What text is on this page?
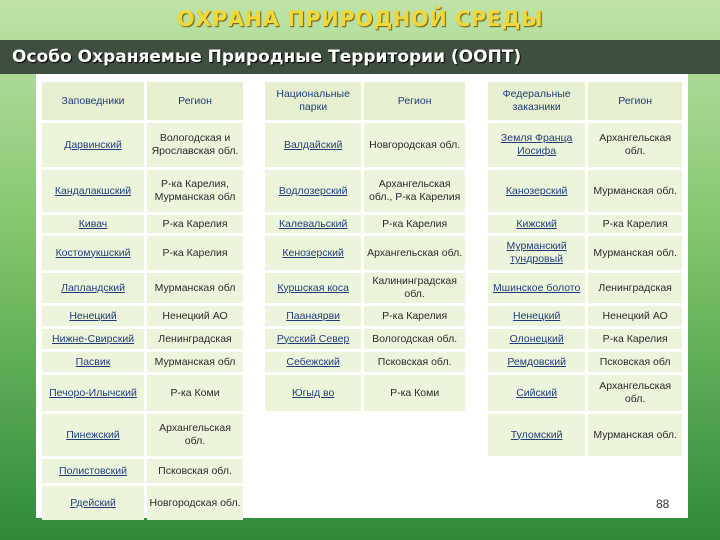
ОХРАНА ПРИРОДНОЙ СРЕДЫ
Особо Охраняемые Природные Территории (ООПТ)
Заповедники	Регион
Дарвинский	Вологодская и Ярославская обл.
Кандалакшский	Р-ка Карелия, Мурманская обл
Кивач	Р-ка Карелия
Костомукшский	Р-ка Карелия
Лапландский	Мурманская обл
Ненецкий	Ненецкий АО
Нижне-Свирский	Ленинградская
Пасвик	Мурманская обл
Печоро-Илычский	Р-ка Коми
Пинежский	Архангельская обл.
Полистовский	Псковская обл.
Рдейский	Новгородская обл.
Национальные парки	Регион
Валдайский	Новгородская обл.
Водлозерский	Архангельская обл., Р-ка Карелия
Калевальский	Р-ка Карелия
Кенозерский	Архангельская обл.
Куршская коса	Калининградская обл.
Паанаярви	Р-ка Карелия
Русский Север	Вологодская обл.
Себежский	Псковская обл.
Югыд во	Р-ка Коми
Федеральные заказники	Регион
Земля Франца Иосифа	Архангельская обл.
Канозерский	Мурманская обл.
Кижский	Р-ка Карелия
Мурманский тундровый	Мурманская обл.
Мшинское болото	Ленинградская
Ненецкий	Ненецкий АО
Олонецкий	Р-ка Карелия
Ремдовский	Псковская обл
Сийский	Архангельская обл.
Туломский	Мурманская обл.
88
